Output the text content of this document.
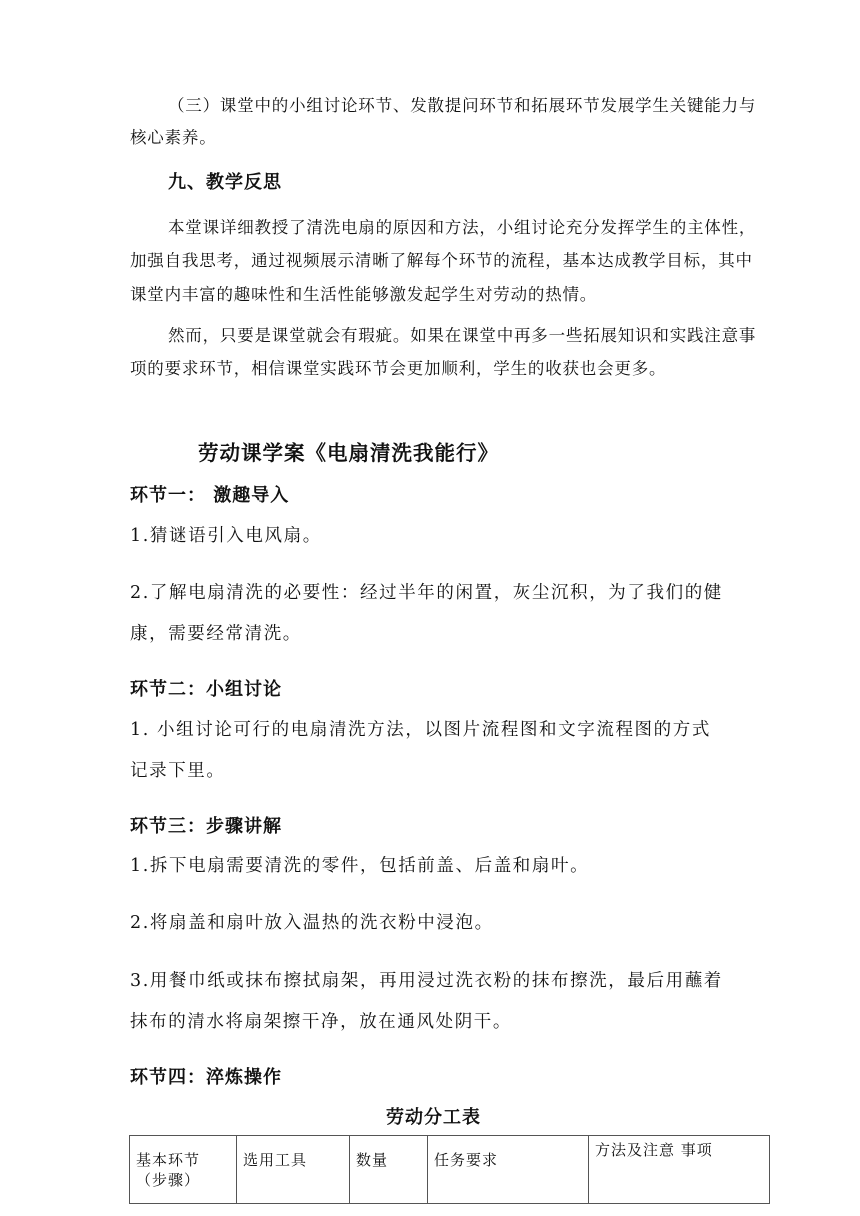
（三）课堂中的小组讨论环节、发散提问环节和拓展环节发展学生关键能力与
核心素养。
九、教学反思
本堂课详细教授了清洗电扇的原因和方法，小组讨论充分发挥学生的主体性，
加强自我思考，通过视频展示清晰了解每个环节的流程，基本达成教学目标，其中
课堂内丰富的趣味性和生活性能够激发起学生对劳动的热情。
然而，只要是课堂就会有瑕疵。如果在课堂中再多一些拓展知识和实践注意事
项的要求环节，相信课堂实践环节会更加顺利，学生的收获也会更多。
劳动课学案《电扇清洗我能行》
环节一： 激趣导入
1.猜谜语引入电风扇。
2.了解电扇清洗的必要性：经过半年的闲置，灰尘沉积，为了我们的健
康，需要经常清洗。
环节二：小组讨论
1. 小组讨论可行的电扇清洗方法，以图片流程图和文字流程图的方式
记录下里。
环节三：步骤讲解
1.拆下电扇需要清洗的零件，包括前盖、后盖和扇叶。
2.将扇盖和扇叶放入温热的洗衣粉中浸泡。
3.用餐巾纸或抹布擦拭扇架，再用浸过洗衣粉的抹布擦洗，最后用蘸着
抹布的清水将扇架擦干净，放在通风处阴干。
环节四：淬炼操作
劳动分工表
基本环节（步骤）	选用工具	数量	任务要求	方法及注意 事项
